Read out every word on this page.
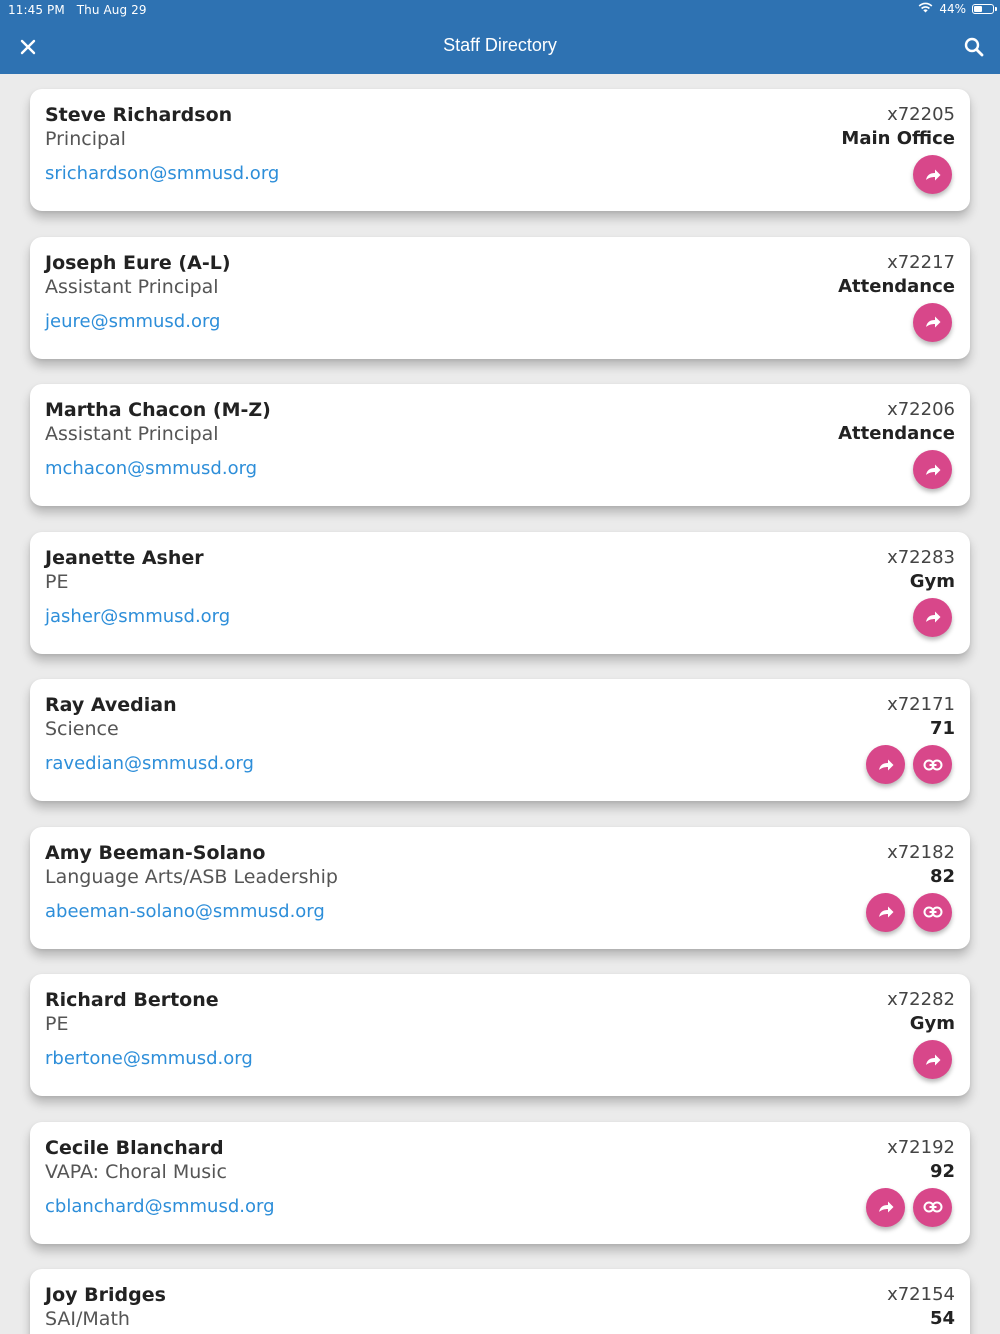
11:45 PM Thu Aug 29	44%
Staff Directory
Steve Richardson
Principal
srichardson@smmusd.org
x72205
Main Office
Joseph Eure (A-L)
Assistant Principal
jeure@smmusd.org
x72217
Attendance
Martha Chacon (M-Z)
Assistant Principal
mchacon@smmusd.org
x72206
Attendance
Jeanette Asher
PE
jasher@smmusd.org
x72283
Gym
Ray Avedian
Science
ravedian@smmusd.org
x72171
71
Amy Beeman-Solano
Language Arts/ASB Leadership
abeeman-solano@smmusd.org
x72182
82
Richard Bertone
PE
rbertone@smmusd.org
x72282
Gym
Cecile Blanchard
VAPA: Choral Music
cblanchard@smmusd.org
x72192
92
Joy Bridges
SAI/Math
x72154
54
